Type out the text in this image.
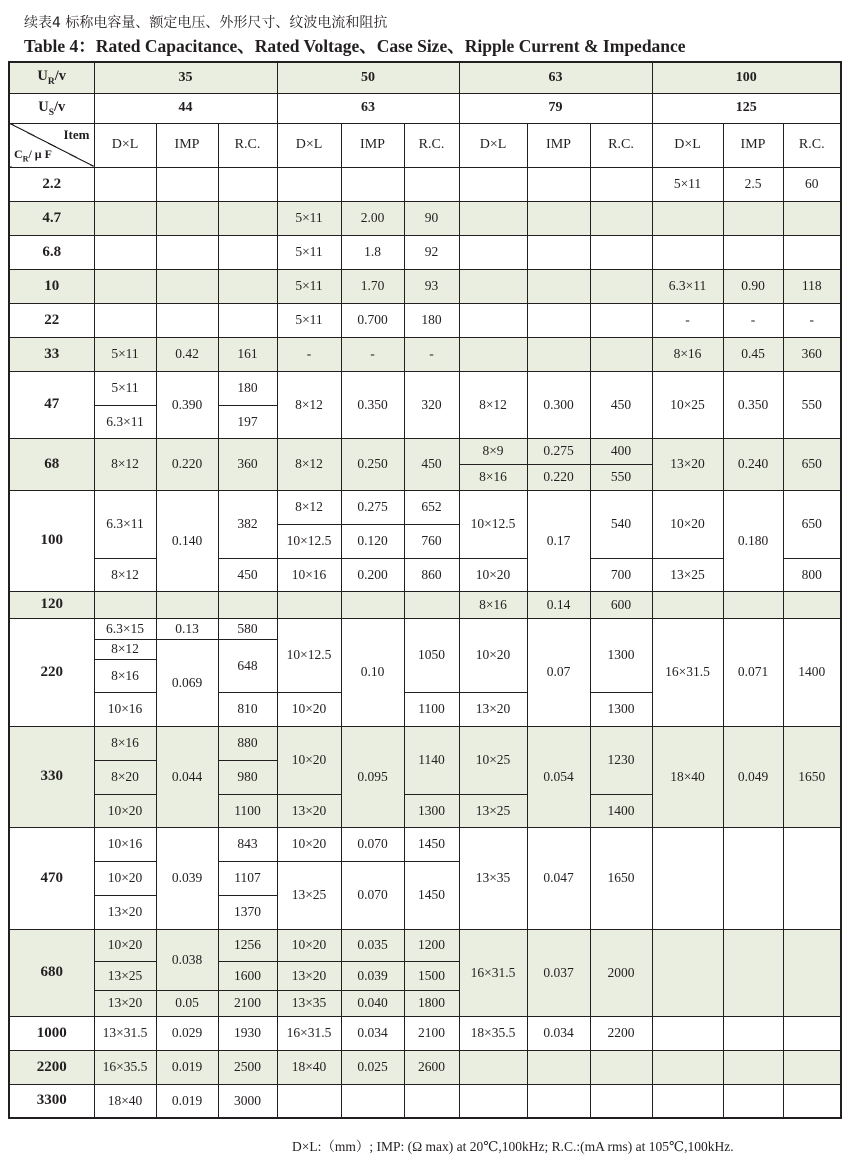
续表4 标称电容量、额定电压、外形尺寸、纹波电流和阻抗
Table 4：Rated Capacitance、Rated Voltage、Case Size、Ripple Current & Impedance
$U_R/v$	35			50			63			100		
$U_S/v$	44			63			79			125		

Item
$C_R/$ μ F	D×L	IMP	R.C.	D×L	IMP	R.C.	D×L	IMP	R.C.	D×L	IMP	R.C.
2.2										5×11	2.5	60
4.7				5×11	2.00	90						
6.8				5×11	1.8	92						
10				5×11	1.70	93				6.3×11	0.90	118
22				5×11	0.700	180				-	-	-
33	5×11	0.42	161	-	-	-				8×16	0.45	360
47	5×11	0.390	180	8×12	0.350	320	8×12	0.300	450	10×25	0.350	550
	6.3×11		197									
68	8×12	0.220	360	8×12	0.250	450	8×9	0.275	400	13×20	0.240	650
							8×16	0.220	550			
100	6.3×11	0.140	382	8×12	0.275	652	10×12.5	0.17	540	10×20	0.180	650
				10×12.5	0.120	760						
	8×12		450	10×16	0.200	860	10×20		700	13×25		800
120							8×16	0.14	600			
220	6.3×15	0.13	580	10×12.5	0.10	1050	10×20	0.07	1300	16×31.5	0.071	1400
	8×12	0.069	648									
	8×16											
	10×16		810	10×20		1100	13×20		1300			
330	8×16	0.044	880	10×20	0.095	1140	10×25	0.054	1230	18×40	0.049	1650
	8×20		980									
	10×20		1100	13×20		1300	13×25		1400			
470	10×16	0.039	843	10×20	0.070	1450	13×35	0.047	1650			
	10×20		1107	13×25	0.070	1450						
	13×20		1370									
680	10×20	0.038	1256	10×20	0.035	1200	16×31.5	0.037	2000			
	13×25		1600	13×20	0.039	1500						
	13×20	0.05	2100	13×35	0.040	1800						
1000	13×31.5	0.029	1930	16×31.5	0.034	2100	18×35.5	0.034	2200			
2200	16×35.5	0.019	2500	18×40	0.025	2600						
3300	18×40	0.019	3000									
D×L:（mm）; IMP: (Ω max) at 20℃,100kHz; R.C.:(mA rms) at 105℃,100kHz.
